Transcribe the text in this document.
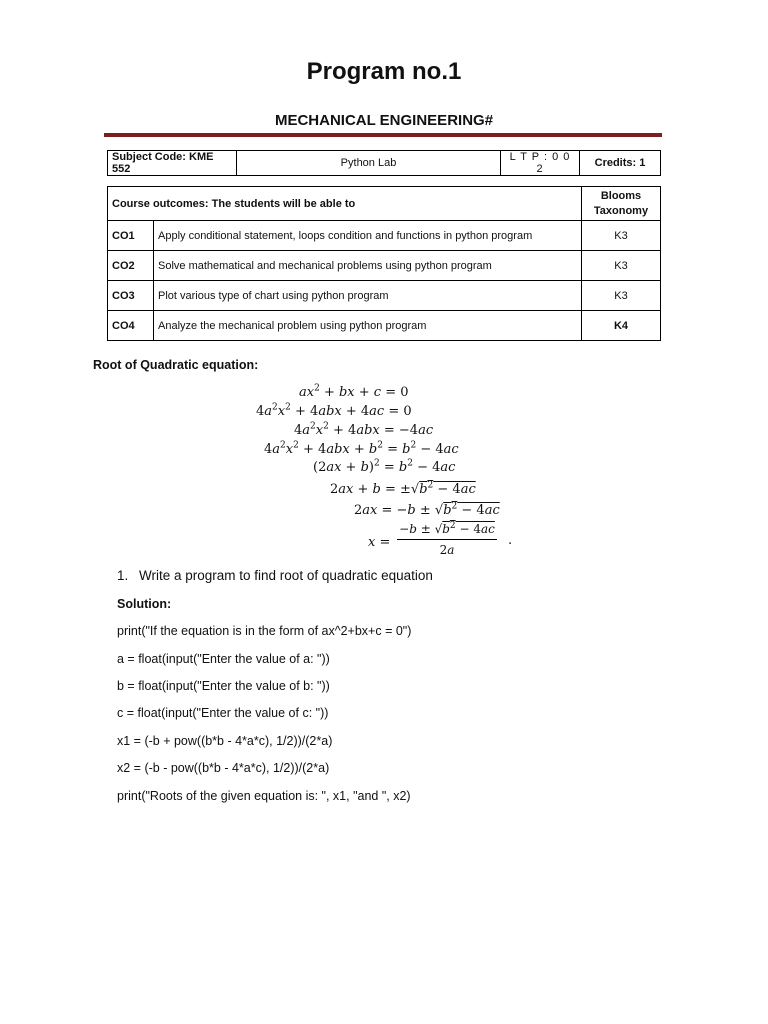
Program no.1
MECHANICAL ENGINEERING#
Subject Code: KME 552	Python Lab	L T P : 0 0 2	Credits: 1
Course outcomes: The students will be able to		Blooms
Taxonomy

CO1	Apply conditional statement, loops condition and functions in python program	K3
CO2	Solve mathematical and mechanical problems using python program	K3
CO3	Plot various type of chart using python program	K3
CO4	Analyze the mechanical problem using python program	K4
Root of Quadratic equation:
$ax^2$ + bx + c = 0
$4a^2x^2 + 4abx + 4ac = 0$
$4a^2x^2 + 4abx = -4ac$
$4a^2x^2 + 4abx + b^2 = b^2 - 4ac$
$(2ax + b)^2 = b^2 - 4ac$
$2ax + b = \pm√b^2 - 4ac$
$2ax = -b \pm √b^2 - 4ac$
x =
$-b \pm √b^2 - 4ac$
2a
.
1. Write a program to find root of quadratic equation
Solution:
print("If the equation is in the form of ax^2+bx+c = 0")
a = float(input("Enter the value of a: "))
b = float(input("Enter the value of b: "))
c = float(input("Enter the value of c: "))
x1 = (-b + pow((b*b - 4*a*c), 1/2))/(2*a)
x2 = (-b - pow((b*b - 4*a*c), 1/2))/(2*a)
print("Roots of the given equation is: ", x1, "and ", x2)
